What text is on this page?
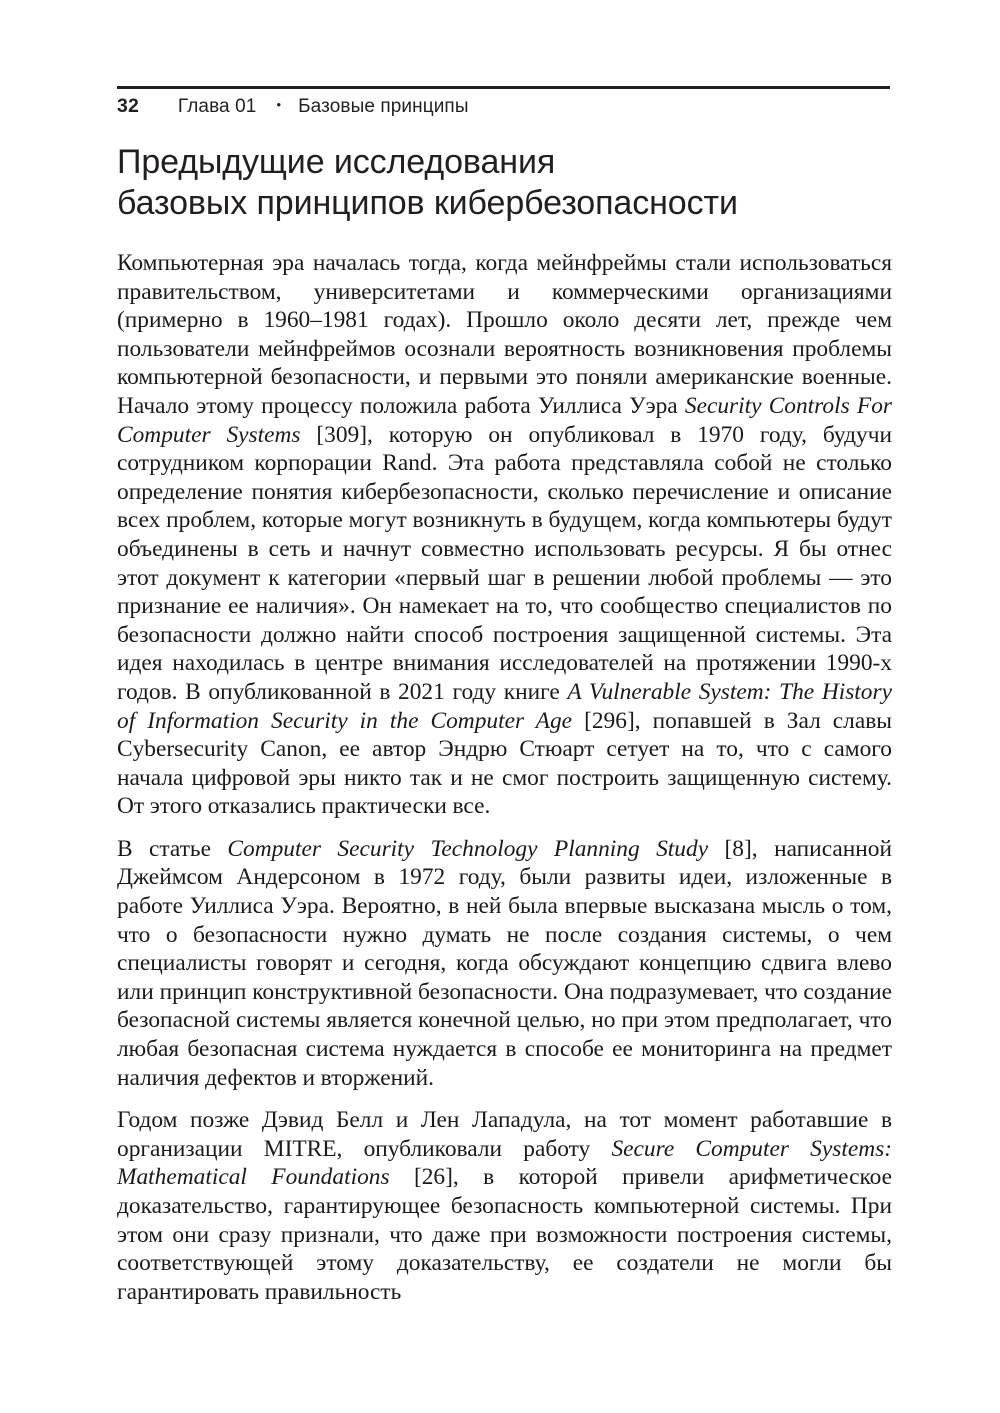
32 Глава 01 • Базовые принципы
Предыдущие исследования
базовых принципов кибербезопасности

Компьютерная эра началась тогда, когда мейнфреймы стали использоваться правительством, университетами и коммерческими организациями (примерно в 1960–1981 годах). Прошло около десяти лет, прежде чем пользователи мейнфреймов осознали вероятность возникновения проблемы компьютерной безопасности, и первыми это поняли американские военные. Начало этому процессу положила работа Уиллиса Уэра Security Controls For Computer Systems [309], которую он опубликовал в 1970 году, будучи сотрудником корпорации Rand. Эта работа представляла собой не столько определение понятия кибербезопасности, сколько перечисление и описание всех проблем, которые могут возникнуть в будущем, когда компьютеры будут объединены в сеть и начнут совместно использовать ресурсы. Я бы отнес этот документ к категории «первый шаг в решении любой проблемы — это признание ее наличия». Он намекает на то, что сообщество специалистов по безопасности должно найти способ построения защищенной системы. Эта идея находилась в центре внимания исследователей на протяжении 1990-х годов. В опубликованной в 2021 году книге A Vulnerable System: The History of Information Security in the Computer Age [296], попавшей в Зал славы Cybersecurity Canon, ее автор Эндрю Стюарт сетует на то, что с самого начала цифровой эры никто так и не смог построить защищенную систему. От этого отказались практически все.

В статье Computer Security Technology Planning Study [8], написанной Джеймсом Андерсоном в 1972 году, были развиты идеи, изложенные в работе Уиллиса Уэра. Вероятно, в ней была впервые высказана мысль о том, что о безопасности нужно думать не после создания системы, о чем специалисты говорят и сегодня, когда обсуждают концепцию сдвига влево или принцип конструктивной безопасности. Она подразумевает, что создание безопасной системы является конечной целью, но при этом предполагает, что любая безопасная система нуждается в способе ее мониторинга на предмет наличия дефектов и вторжений.

Годом позже Дэвид Белл и Лен Лападула, на тот момент работавшие в организации MITRE, опубликовали работу Secure Computer Systems: Mathematical Foundations [26], в которой привели арифметическое доказательство, гарантирующее безопасность компьютерной системы. При этом они сразу признали, что даже при возможности построения системы, соответствующей этому доказательству, ее создатели не могли бы гарантировать правильность
